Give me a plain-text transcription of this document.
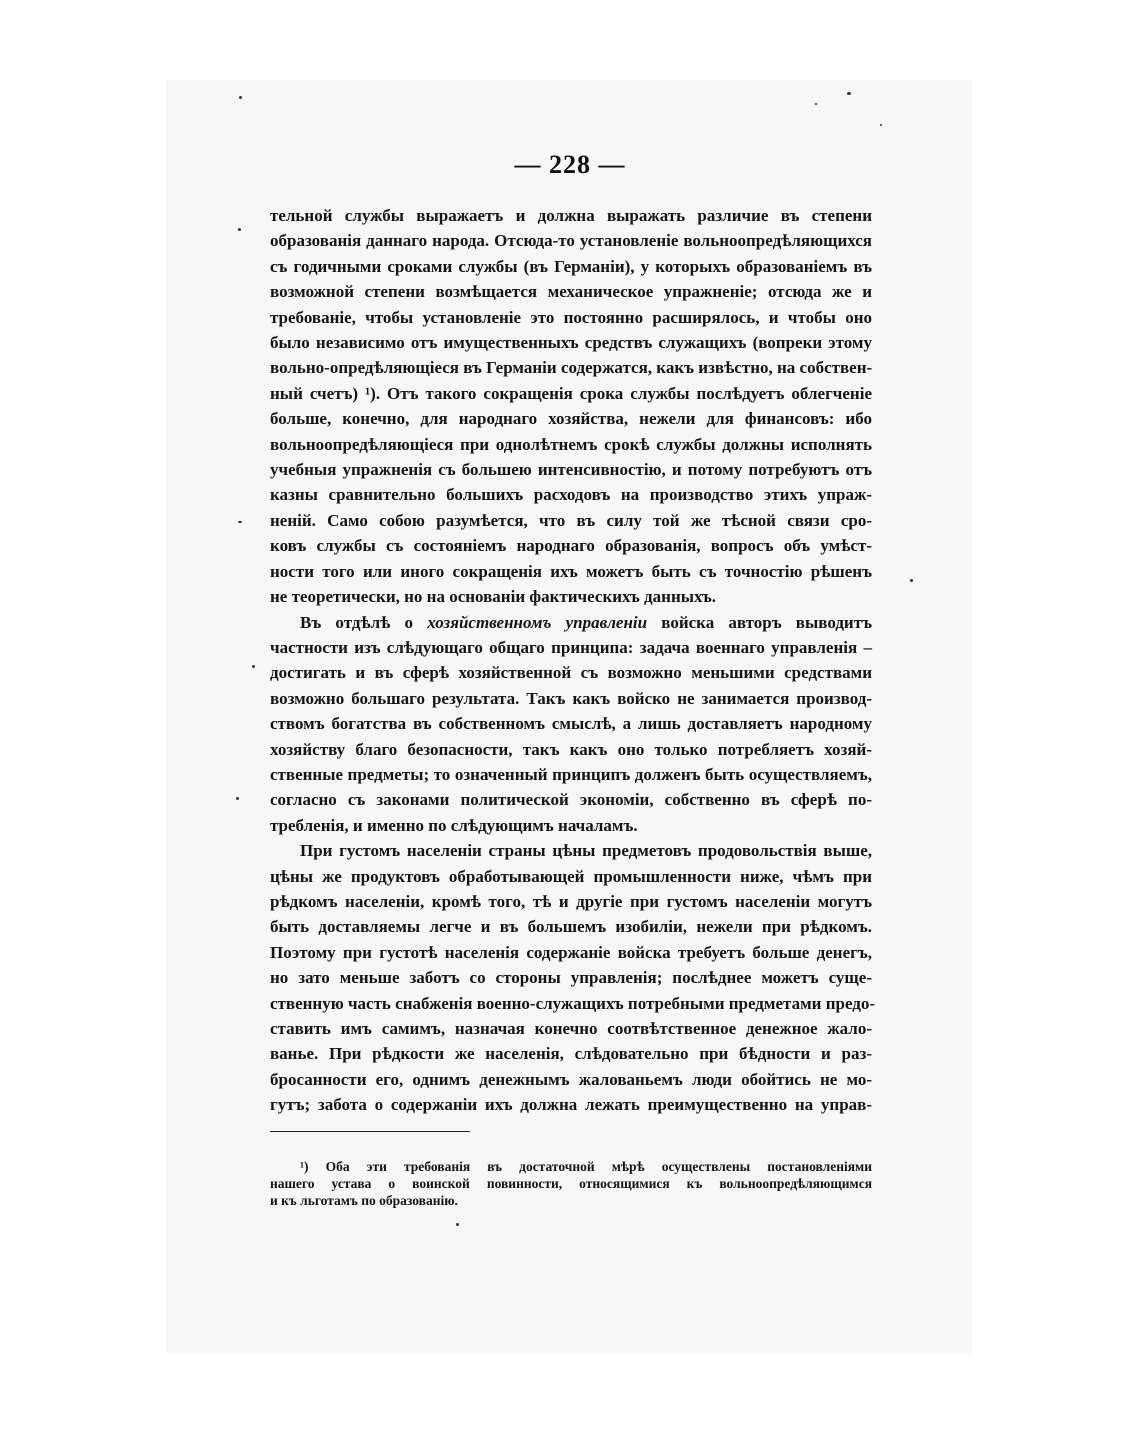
— 228 —
тельной службы выражаетъ и должна выражать различие въ степени
образованія даннаго народа. Отсюда-то установленіе вольноопредѣляющихся
съ годичными сроками службы (въ Германіи), у которыхъ образованіемъ въ
возможной степени возмѣщается механическое упражненіе; отсюда же и
требованіе, чтобы установленіе это постоянно расширялось, и чтобы оно
было независимо отъ имущественныхъ средствъ служащихъ (вопреки этому
вольно-опредѣляющіеся въ Германіи содержатся, какъ извѣстно, на собствен-
ный счетъ) ¹). Отъ такого сокращенія срока службы послѣдуетъ облегченіе
больше, конечно, для народнаго хозяйства, нежели для финансовъ: ибо
вольноопредѣляющіеся при однолѣтнемъ срокѣ службы должны исполнять
учебныя упражненія съ большею интенсивностію, и потому потребуютъ отъ
казны сравнительно большихъ расходовъ на производство этихъ упраж-
неній. Само собою разумѣется, что въ силу той же тѣсной связи сро-
ковъ службы съ состояніемъ народнаго образованія, вопросъ объ умѣст-
ности того или иного сокращенія ихъ можетъ быть съ точностію рѣшенъ
не теоретически, но на основаніи фактическихъ данныхъ.
Въ отдѣлѣ о хозяйственномъ управленіи войска авторъ выводитъ
частности изъ слѣдующаго общаго принципа: задача военнаго управленія –
достигать и въ сферѣ хозяйственной съ возможно меньшими средствами
возможно большаго результата. Такъ какъ войско не занимается производ-
ствомъ богатства въ собственномъ смыслѣ, а лишь доставляетъ народному
хозяйству благо безопасности, такъ какъ оно только потребляетъ хозяй-
ственные предметы; то означенный принципъ долженъ быть осуществляемъ,
согласно съ законами политической экономіи, собственно въ сферѣ по-
требленія, и именно по слѣдующимъ началамъ.
При густомъ населеніи страны цѣны предметовъ продовольствія выше,
цѣны же продуктовъ обработывающей промышленности ниже, чѣмъ при
рѣдкомъ населеніи, кромѣ того, тѣ и другіе при густомъ населеніи могутъ
быть доставляемы легче и въ большемъ изобиліи, нежели при рѣдкомъ.
Поэтому при густотѣ населенія содержаніе войска требуетъ больше денегъ,
но зато меньше заботъ со стороны управленія; послѣднее можетъ суще-
ственную часть снабженія военно-служащихъ потребными предметами предо-
ставить имъ самимъ, назначая конечно соотвѣтственное денежное жало-
ванье. При рѣдкости же населенія, слѣдовательно при бѣдности и раз-
бросанности его, однимъ денежнымъ жалованьемъ люди обойтись не мо-
гутъ; забота о содержаніи ихъ должна лежать преимущественно на управ-
¹) Оба эти требованія въ достаточной мѣрѣ осуществлены постановленіями
нашего устава о воинской повинности, относящимися къ вольноопредѣляющимся
и къ льготамъ по образованію.
